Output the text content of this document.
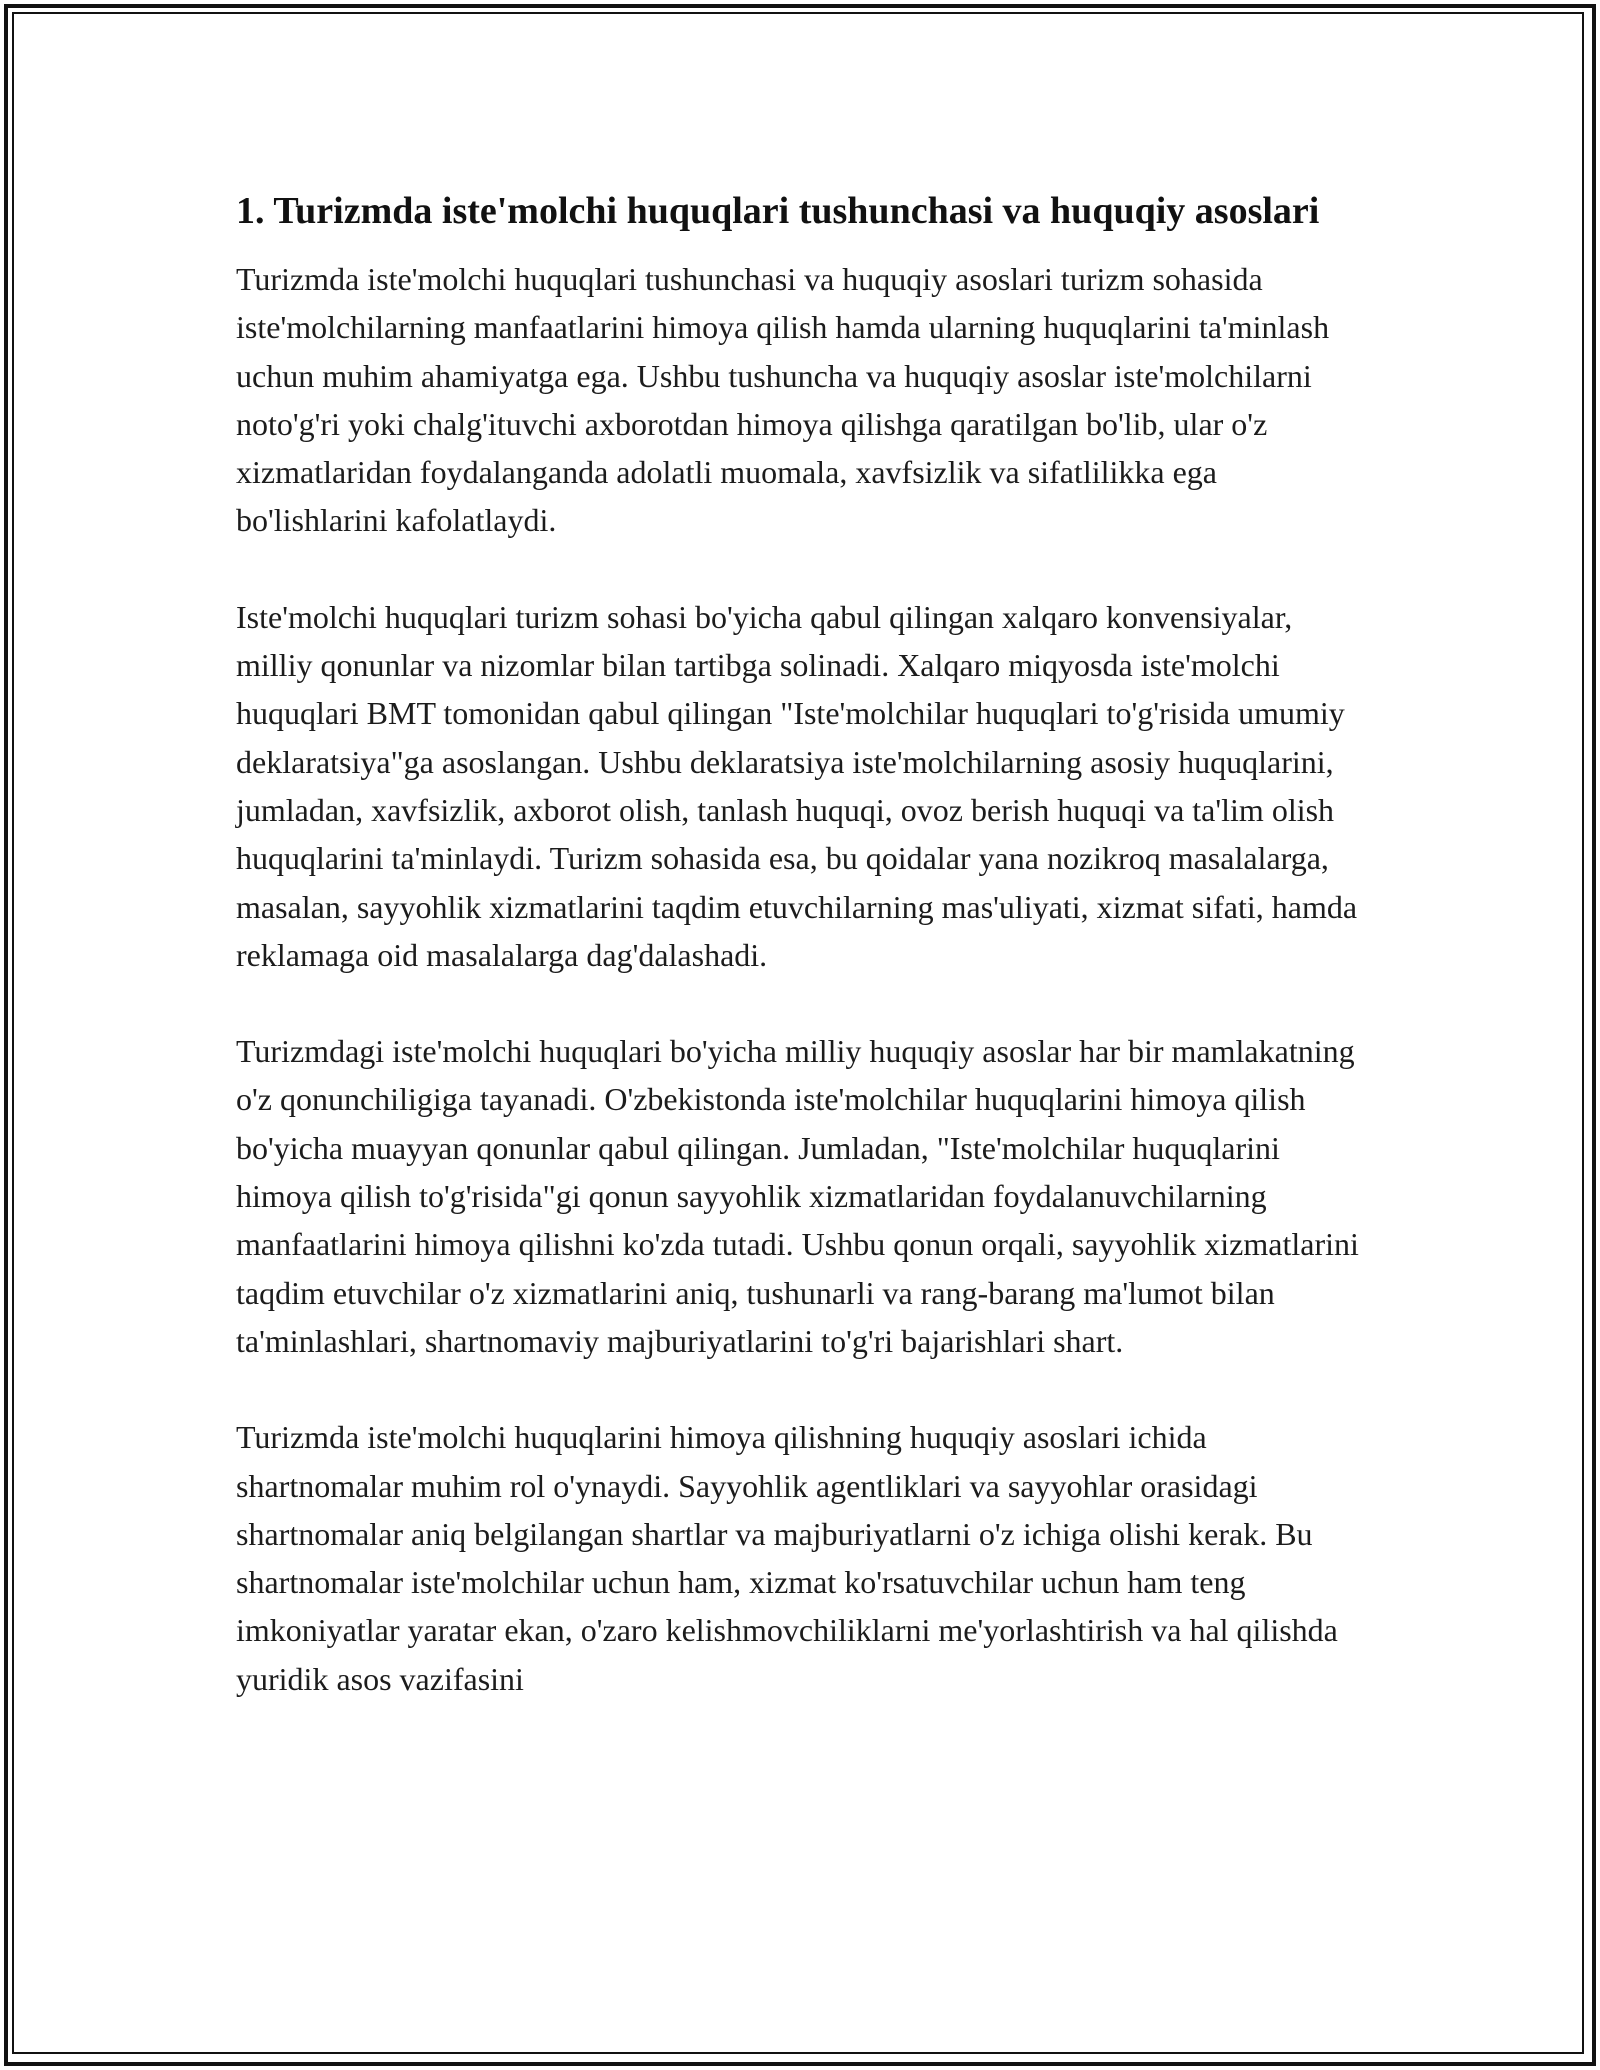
1. Turizmda iste'molchi huquqlari tushunchasi va huquqiy asoslari

Turizmda iste'molchi huquqlari tushunchasi va huquqiy asoslari turizm sohasida iste'molchilarning manfaatlarini himoya qilish hamda ularning huquqlarini ta'minlash uchun muhim ahamiyatga ega. Ushbu tushuncha va huquqiy asoslar iste'molchilarni noto'g'ri yoki chalg'ituvchi axborotdan himoya qilishga qaratilgan bo'lib, ular o'z xizmatlaridan foydalanganda adolatli muomala, xavfsizlik va sifatlilikka ega bo'lishlarini kafolatlaydi.

Iste'molchi huquqlari turizm sohasi bo'yicha qabul qilingan xalqaro konvensiyalar, milliy qonunlar va nizomlar bilan tartibga solinadi. Xalqaro miqyosda iste'molchi huquqlari BMT tomonidan qabul qilingan "Iste'molchilar huquqlari to'g'risida umumiy deklaratsiya"ga asoslangan. Ushbu deklaratsiya iste'molchilarning asosiy huquqlarini, jumladan, xavfsizlik, axborot olish, tanlash huquqi, ovoz berish huquqi va ta'lim olish huquqlarini ta'minlaydi. Turizm sohasida esa, bu qoidalar yana nozikroq masalalarga, masalan, sayyohlik xizmatlarini taqdim etuvchilarning mas'uliyati, xizmat sifati, hamda reklamaga oid masalalarga dag'dalashadi.

Turizmdagi iste'molchi huquqlari bo'yicha milliy huquqiy asoslar har bir mamlakatning o'z qonunchiligiga tayanadi. O'zbekistonda iste'molchilar huquqlarini himoya qilish bo'yicha muayyan qonunlar qabul qilingan. Jumladan, "Iste'molchilar huquqlarini himoya qilish to'g'risida"gi qonun sayyohlik xizmatlaridan foydalanuvchilarning manfaatlarini himoya qilishni ko'zda tutadi. Ushbu qonun orqali, sayyohlik xizmatlarini taqdim etuvchilar o'z xizmatlarini aniq, tushunarli va rang-barang ma'lumot bilan ta'minlashlari, shartnomaviy majburiyatlarini to'g'ri bajarishlari shart.

Turizmda iste'molchi huquqlarini himoya qilishning huquqiy asoslari ichida shartnomalar muhim rol o'ynaydi. Sayyohlik agentliklari va sayyohlar orasidagi shartnomalar aniq belgilangan shartlar va majburiyatlarni o'z ichiga olishi kerak. Bu shartnomalar iste'molchilar uchun ham, xizmat ko'rsatuvchilar uchun ham teng imkoniyatlar yaratar ekan, o'zaro kelishmovchiliklarni me'yorlashtirish va hal qilishda yuridik asos vazifasini
